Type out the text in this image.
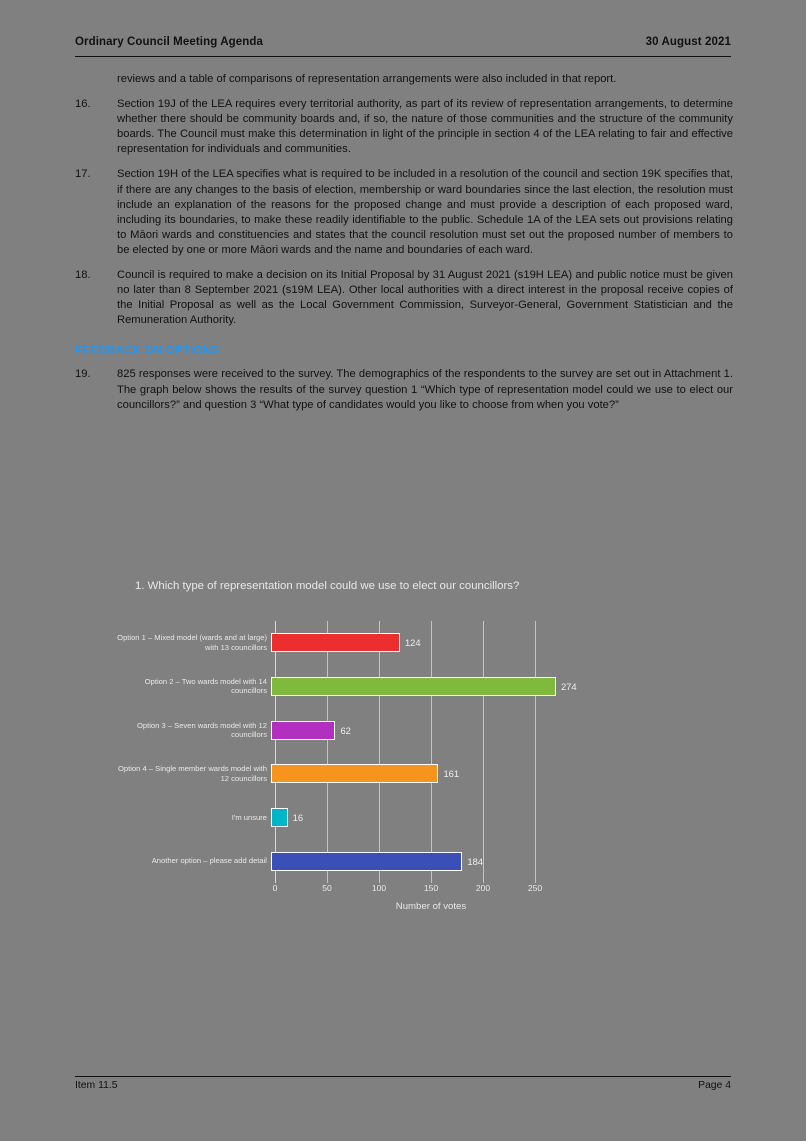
Ordinary Council Meeting Agenda	30 August 2021
reviews and a table of comparisons of representation arrangements were also included in that report.
16.	Section 19J of the LEA requires every territorial authority, as part of its review of representation arrangements, to determine whether there should be community boards and, if so, the nature of those communities and the structure of the community boards. The Council must make this determination in light of the principle in section 4 of the LEA relating to fair and effective representation for individuals and communities.
17.	Section 19H of the LEA specifies what is required to be included in a resolution of the council and section 19K specifies that, if there are any changes to the basis of election, membership or ward boundaries since the last election, the resolution must include an explanation of the reasons for the proposed change and must provide a description of each proposed ward, including its boundaries, to make these readily identifiable to the public. Schedule 1A of the LEA sets out provisions relating to Māori wards and constituencies and states that the council resolution must set out the proposed number of members to be elected by one or more Māori wards and the name and boundaries of each ward.
18.	Council is required to make a decision on its Initial Proposal by 31 August 2021 (s19H LEA) and public notice must be given no later than 8 September 2021 (s19M LEA). Other local authorities with a direct interest in the proposal receive copies of the Initial Proposal as well as the Local Government Commission, Surveyor-General, Government Statistician and the Remuneration Authority.
FEEDBACK ON OPTIONS
19.	825 responses were received to the survey. The demographics of the respondents to the survey are set out in Attachment 1. The graph below shows the results of the survey question 1 “Which type of representation model could we use to elect our councillors?” and question 3 “What type of candidates would you like to choose from when you vote?”
1. Which type of representation model could we use to elect our councillors?
Option 1 – Mixed model (wards and at large) with 13 councillors	124
Option 2 – Two wards model with 14 councillors	274
Option 3 – Seven wards model with 12 councillors	62
Option 4 – Single member wards model with 12 councillors	161
I'm unsure	16
Another option – please add detail	184
0	50	100	150	200	250
Number of votes
Item 11.5	Page 4
